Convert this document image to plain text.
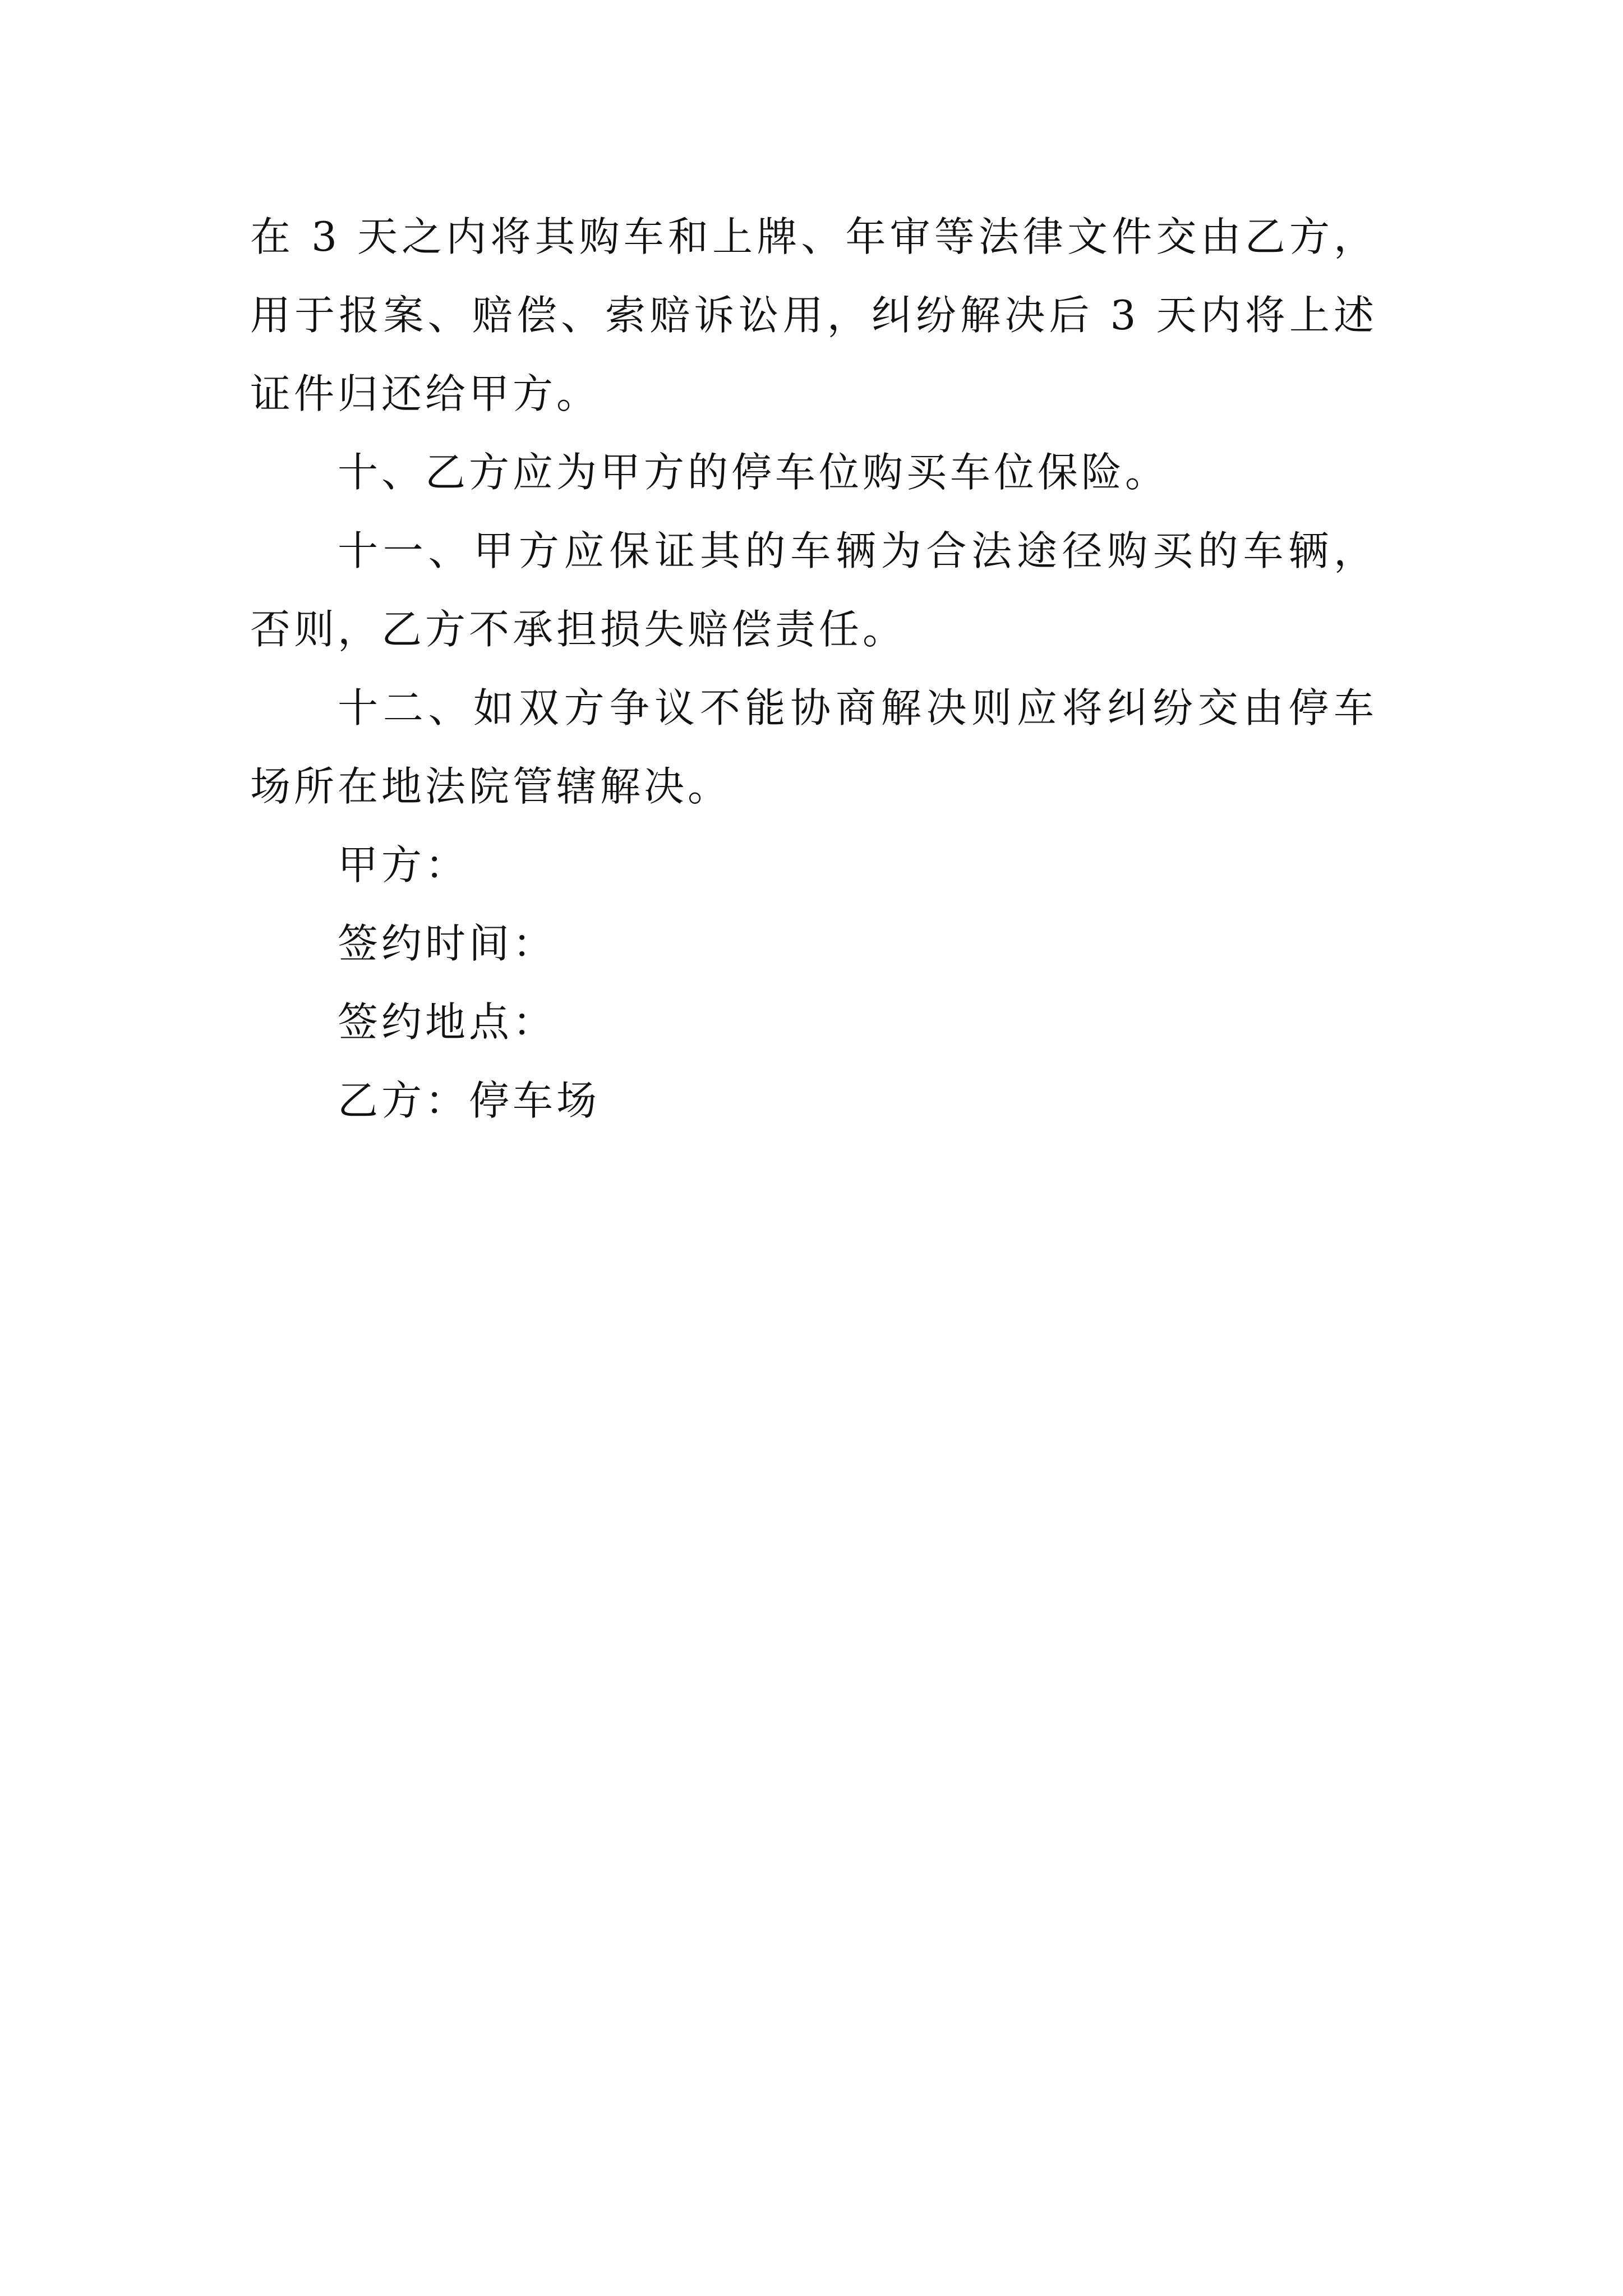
在 3 天之内将其购车和上牌、年审等法律文件交由乙方，用于报案、赔偿、索赔诉讼用，纠纷解决后 3 天内将上述证件归还给甲方。

十、乙方应为甲方的停车位购买车位保险。

十一、甲方应保证其的车辆为合法途径购买的车辆，否则，乙方不承担损失赔偿责任。

十二、如双方争议不能协商解决则应将纠纷交由停车场所在地法院管辖解决。

甲方：

签约时间：

签约地点：

乙方：停车场
